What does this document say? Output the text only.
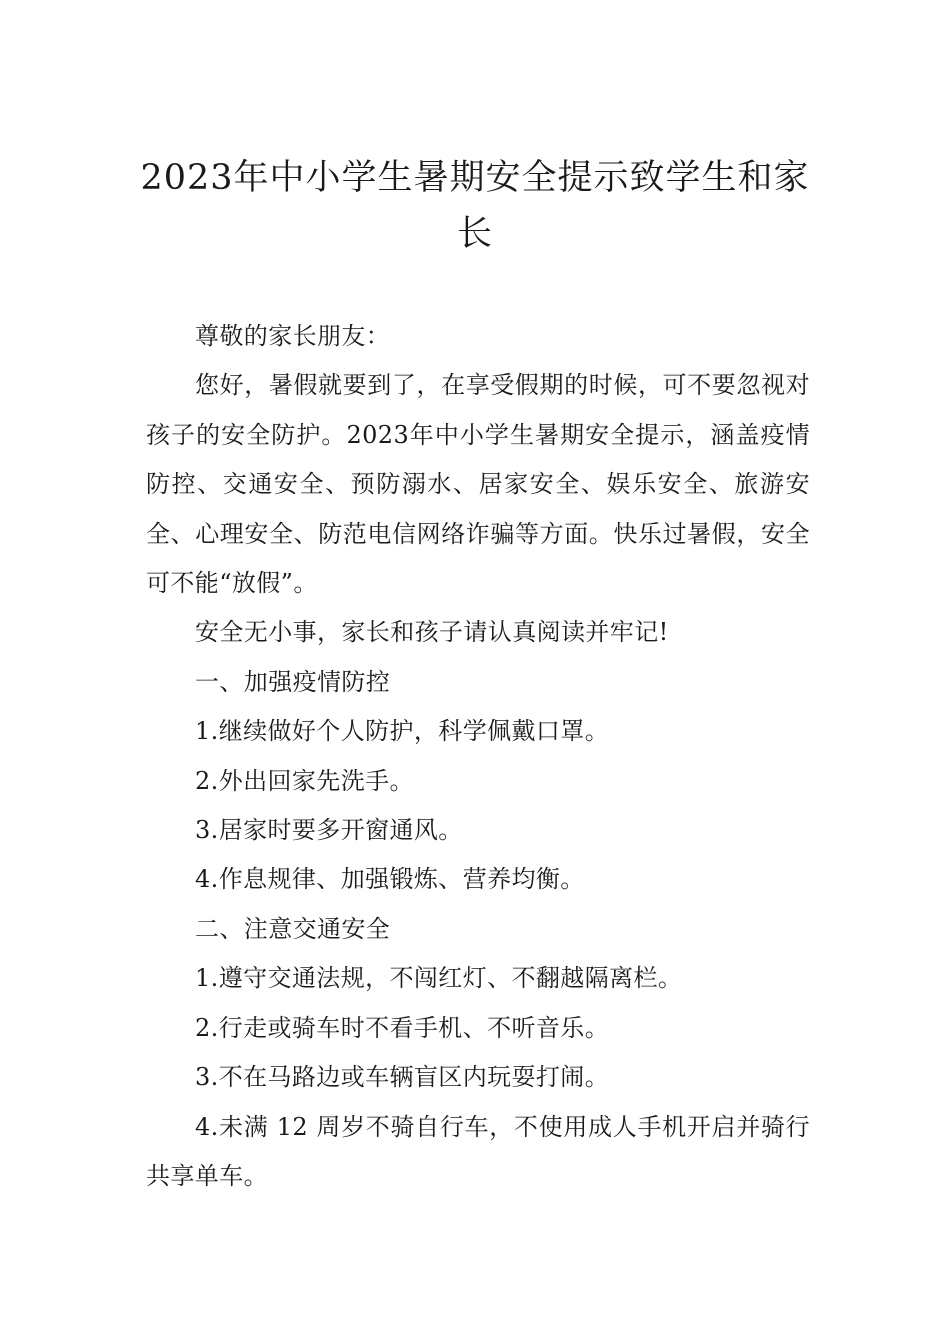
2023年中小学生暑期安全提示致学生和家长

尊敬的家长朋友：

您好，暑假就要到了，在享受假期的时候，可不要忽视对孩子的安全防护。2023年中小学生暑期安全提示，涵盖疫情防控、交通安全、预防溺水、居家安全、娱乐安全、旅游安全、心理安全、防范电信网络诈骗等方面。快乐过暑假，安全可不能“放假”。

安全无小事，家长和孩子请认真阅读并牢记!

一、加强疫情防控

1.继续做好个人防护，科学佩戴口罩。

2.外出回家先洗手。

3.居家时要多开窗通风。

4.作息规律、加强锻炼、营养均衡。

二、注意交通安全

1.遵守交通法规，不闯红灯、不翻越隔离栏。

2.行走或骑车时不看手机、不听音乐。

3.不在马路边或车辆盲区内玩耍打闹。

4.未满 12 周岁不骑自行车，不使用成人手机开启并骑行共享单车。
